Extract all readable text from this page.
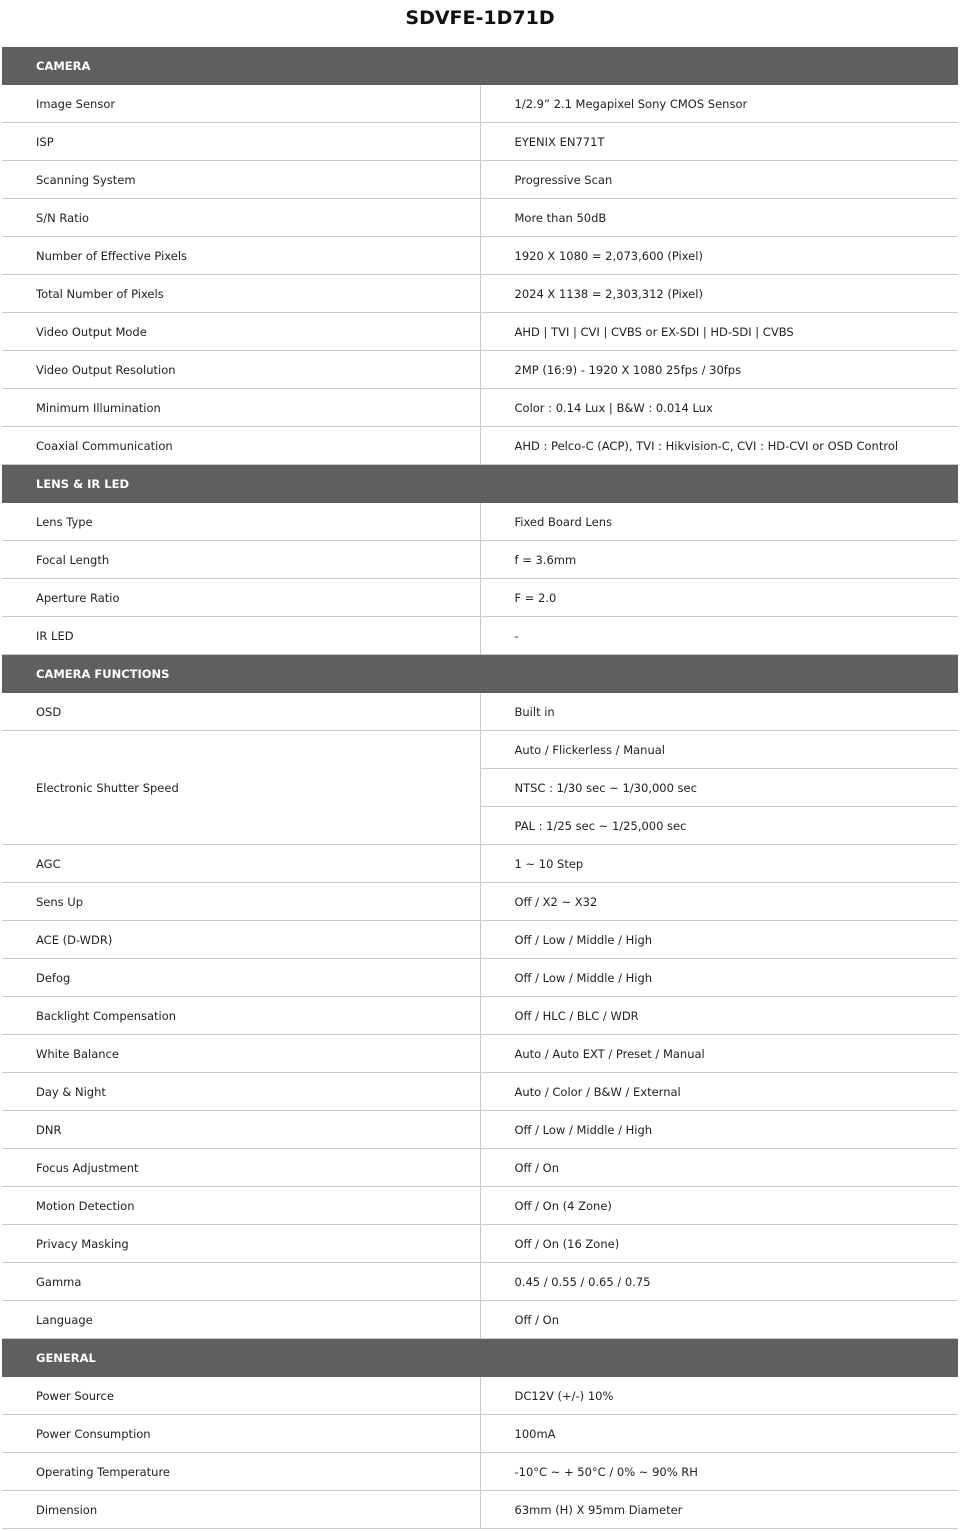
SDVFE-1D71D
CAMERA	
Image Sensor	1/2.9” 2.1 Megapixel Sony CMOS Sensor
ISP	EYENIX EN771T
Scanning System	Progressive Scan
S/N Ratio	More than 50dB
Number of Effective Pixels	1920 X 1080 = 2,073,600 (Pixel)
Total Number of Pixels	2024 X 1138 = 2,303,312 (Pixel)
Video Output Mode	AHD | TVI | CVI | CVBS or EX-SDI | HD-SDI | CVBS
Video Output Resolution	2MP (16:9) - 1920 X 1080 25fps / 30fps
Minimum Illumination	Color : 0.14 Lux | B&W : 0.014 Lux
Coaxial Communication	AHD : Pelco-C (ACP), TVI : Hikvision-C, CVI : HD-CVI or OSD Control
LENS & IR LED	
Lens Type	Fixed Board Lens
Focal Length	f = 3.6mm
Aperture Ratio	F = 2.0
IR LED	-
CAMERA FUNCTIONS	
OSD	Built in
Electronic Shutter Speed	Auto / Flickerless / Manual
	NTSC : 1/30 sec ~ 1/30,000 sec
	PAL : 1/25 sec ~ 1/25,000 sec
AGC	1 ~ 10 Step
Sens Up	Off / X2 ~ X32
ACE (D-WDR)	Off / Low / Middle / High
Defog	Off / Low / Middle / High
Backlight Compensation	Off / HLC / BLC / WDR
White Balance	Auto / Auto EXT / Preset / Manual
Day & Night	Auto / Color / B&W / External
DNR	Off / Low / Middle / High
Focus Adjustment	Off / On
Motion Detection	Off / On (4 Zone)
Privacy Masking	Off / On (16 Zone)
Gamma	0.45 / 0.55 / 0.65 / 0.75
Language	Off / On
GENERAL	
Power Source	DC12V (+/-) 10%
Power Consumption	100mA
Operating Temperature	-10°C ~ + 50°C / 0% ~ 90% RH
Dimension	63mm (H) X 95mm Diameter
